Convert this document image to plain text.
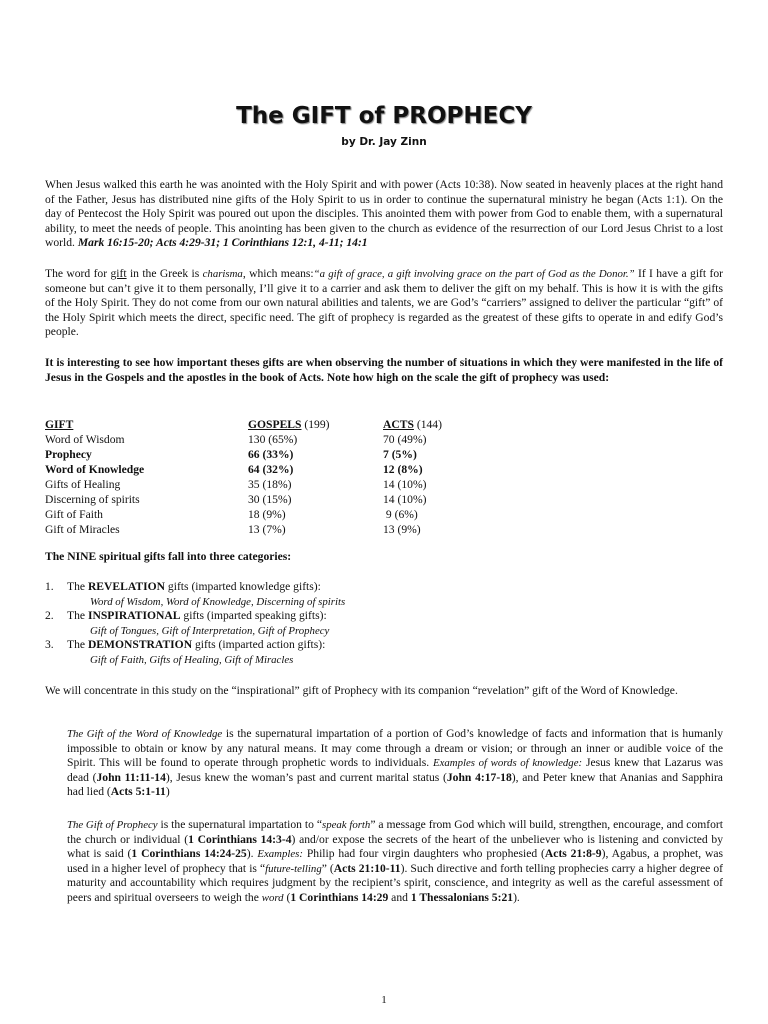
The GIFT of PROPHECY
by Dr. Jay Zinn

When Jesus walked this earth he was anointed with the Holy Spirit and with power (Acts 10:38). Now seated in heavenly places at the right hand of the Father, Jesus has distributed nine gifts of the Holy Spirit to us in order to continue the supernatural ministry he began (Acts 1:1). On the day of Pentecost the Holy Spirit was poured out upon the disciples. This anointed them with power from God to enable them, with a supernatural ability, to meet the needs of people. This anointing has been given to the church as evidence of the resurrection of our Lord Jesus Christ to a lost world. Mark 16:15-20; Acts 4:29-31; 1 Corinthians 12:1, 4-11; 14:1

The word for gift in the Greek is charisma, which means:“a gift of grace, a gift involving grace on the part of God as the Donor.” If I have a gift for someone but can’t give it to them personally, I’ll give it to a carrier and ask them to deliver the gift on my behalf. This is how it is with the gifts of the Holy Spirit. They do not come from our own natural abilities and talents, we are God’s “carriers” assigned to deliver the particular “gift” of the Holy Spirit which meets the direct, specific need. The gift of prophecy is regarded as the greatest of these gifts to operate in and edify God’s people.

It is interesting to see how important theses gifts are when observing the number of situations in which they were manifested in the life of Jesus in the Gospels and the apostles in the book of Acts. Note how high on the scale the gift of prophecy was used:

GIFT	GOSPELS (199)	ACTS (144)
Word of Wisdom	130 (65%)	70 (49%)
Prophecy	66 (33%)	7 (5%)
Word of Knowledge	64 (32%)	12 (8%)
Gifts of Healing	35 (18%)	14 (10%)
Discerning of spirits	30 (15%)	14 (10%)
Gift of Faith	18 (9%)	9 (6%)
Gift of Miracles	13 (7%)	13 (9%)
The NINE spiritual gifts fall into three categories:
1. The REVELATION gifts (imparted knowledge gifts):
Word of Wisdom, Word of Knowledge, Discerning of spirits
2. The INSPIRATIONAL gifts (imparted speaking gifts):
Gift of Tongues, Gift of Interpretation, Gift of Prophecy
3. The DEMONSTRATION gifts (imparted action gifts):
Gift of Faith, Gifts of Healing, Gift of Miracles

We will concentrate in this study on the “inspirational” gift of Prophecy with its companion “revelation” gift of the Word of Knowledge.

The Gift of the Word of Knowledge is the supernatural impartation of a portion of God’s knowledge of facts and information that is humanly impossible to obtain or know by any natural means. It may come through a dream or vision; or through an inner or audible voice of the Spirit. This will be found to operate through prophetic words to individuals. Examples of words of knowledge: Jesus knew that Lazarus was dead (John 11:11-14), Jesus knew the woman’s past and current marital status (John 4:17-18), and Peter knew that Ananias and Sapphira had lied (Acts 5:1-11)

The Gift of Prophecy is the supernatural impartation to “speak forth” a message from God which will build, strengthen, encourage, and comfort the church or individual (1 Corinthians 14:3-4) and/or expose the secrets of the heart of the unbeliever who is listening and convicted by what is said (1 Corinthians 14:24-25). Examples: Philip had four virgin daughters who prophesied (Acts 21:8-9), Agabus, a prophet, was used in a higher level of prophecy that is “future-telling” (Acts 21:10-11). Such directive and forth telling prophecies carry a higher degree of maturity and accountability which requires judgment by the recipient’s spirit, conscience, and integrity as well as the careful assessment of peers and spiritual overseers to weigh the word (1 Corinthians 14:29 and 1 Thessalonians 5:21).

1
